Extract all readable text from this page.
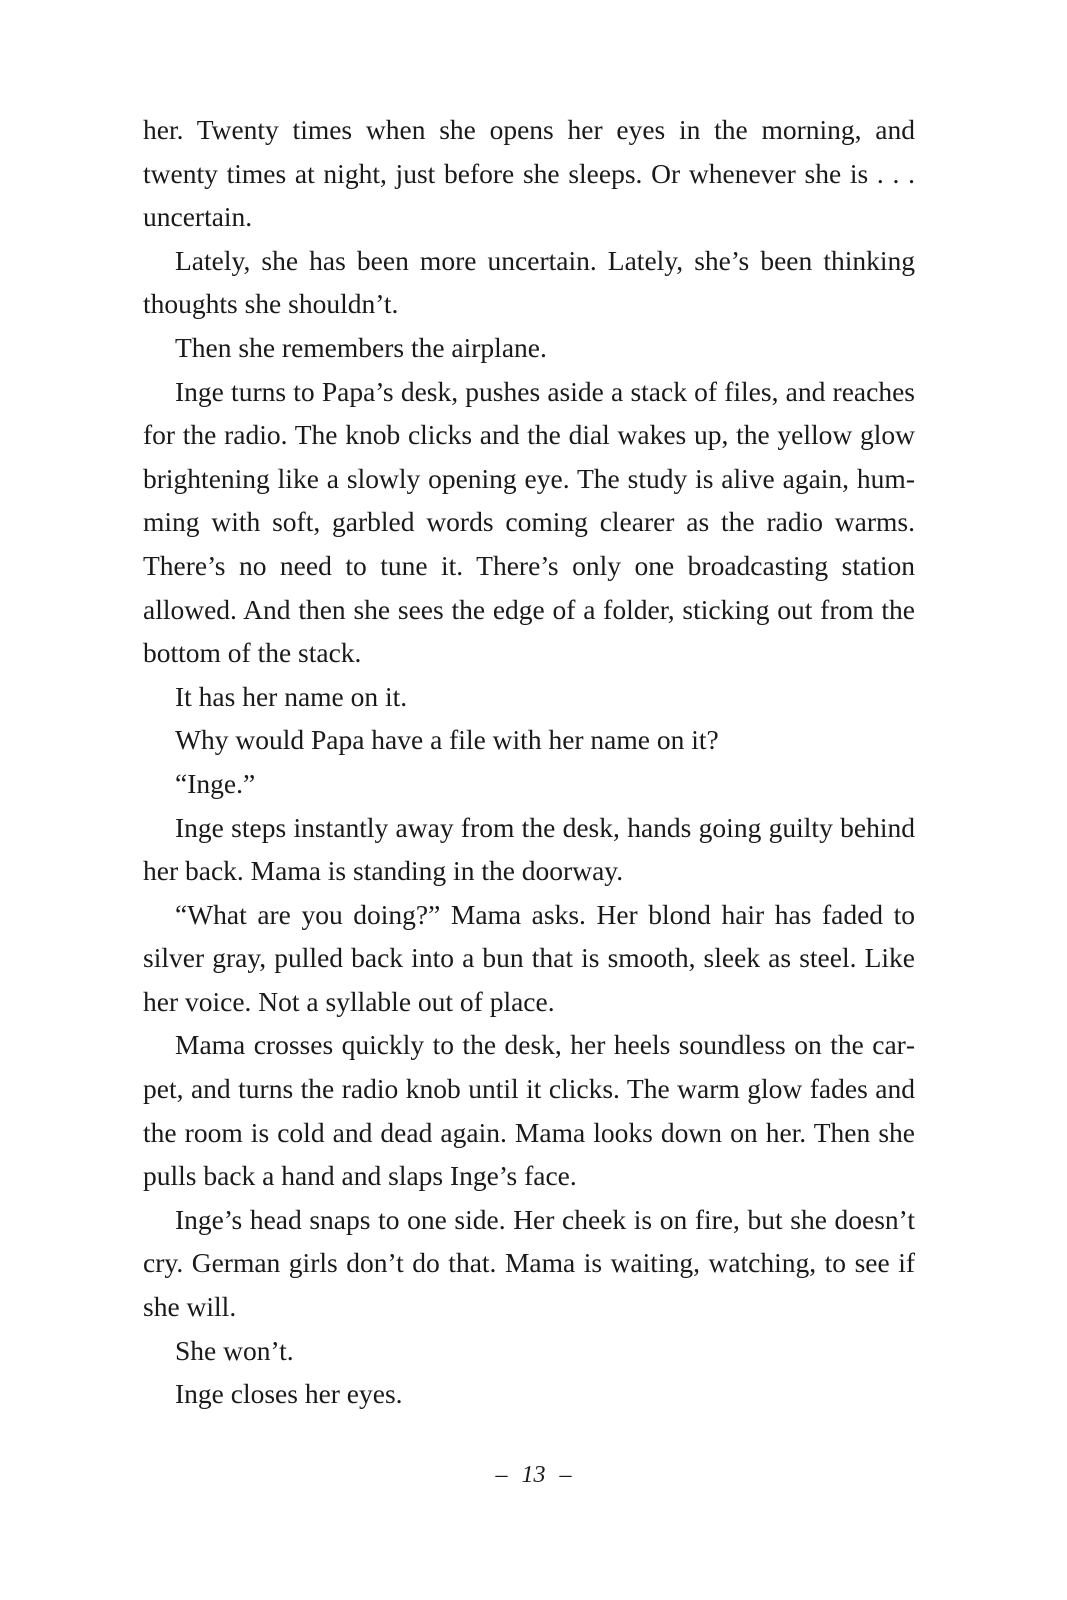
her. Twenty times when she opens her eyes in the morning, and twenty times at night, just before she sleeps. Or whenever she is . . . uncertain.

Lately, she has been more uncertain. Lately, she’s been thinking thoughts she shouldn’t.

Then she remembers the airplane.

Inge turns to Papa’s desk, pushes aside a stack of files, and reaches for the radio. The knob clicks and the dial wakes up, the yellow glow brightening like a slowly opening eye. The study is alive again, humming with soft, garbled words coming clearer as the radio warms. There’s no need to tune it. There’s only one broadcasting station allowed. And then she sees the edge of a folder, sticking out from the bottom of the stack.

It has her name on it.

Why would Papa have a file with her name on it?

“Inge.”

Inge steps instantly away from the desk, hands going guilty behind her back. Mama is standing in the doorway.

“What are you doing?” Mama asks. Her blond hair has faded to silver gray, pulled back into a bun that is smooth, sleek as steel. Like her voice. Not a syllable out of place.

Mama crosses quickly to the desk, her heels soundless on the carpet, and turns the radio knob until it clicks. The warm glow fades and the room is cold and dead again. Mama looks down on her. Then she pulls back a hand and slaps Inge’s face.

Inge’s head snaps to one side. Her cheek is on fire, but she doesn’t cry. German girls don’t do that. Mama is waiting, watching, to see if she will.

She won’t.

Inge closes her eyes.

– 13 –
